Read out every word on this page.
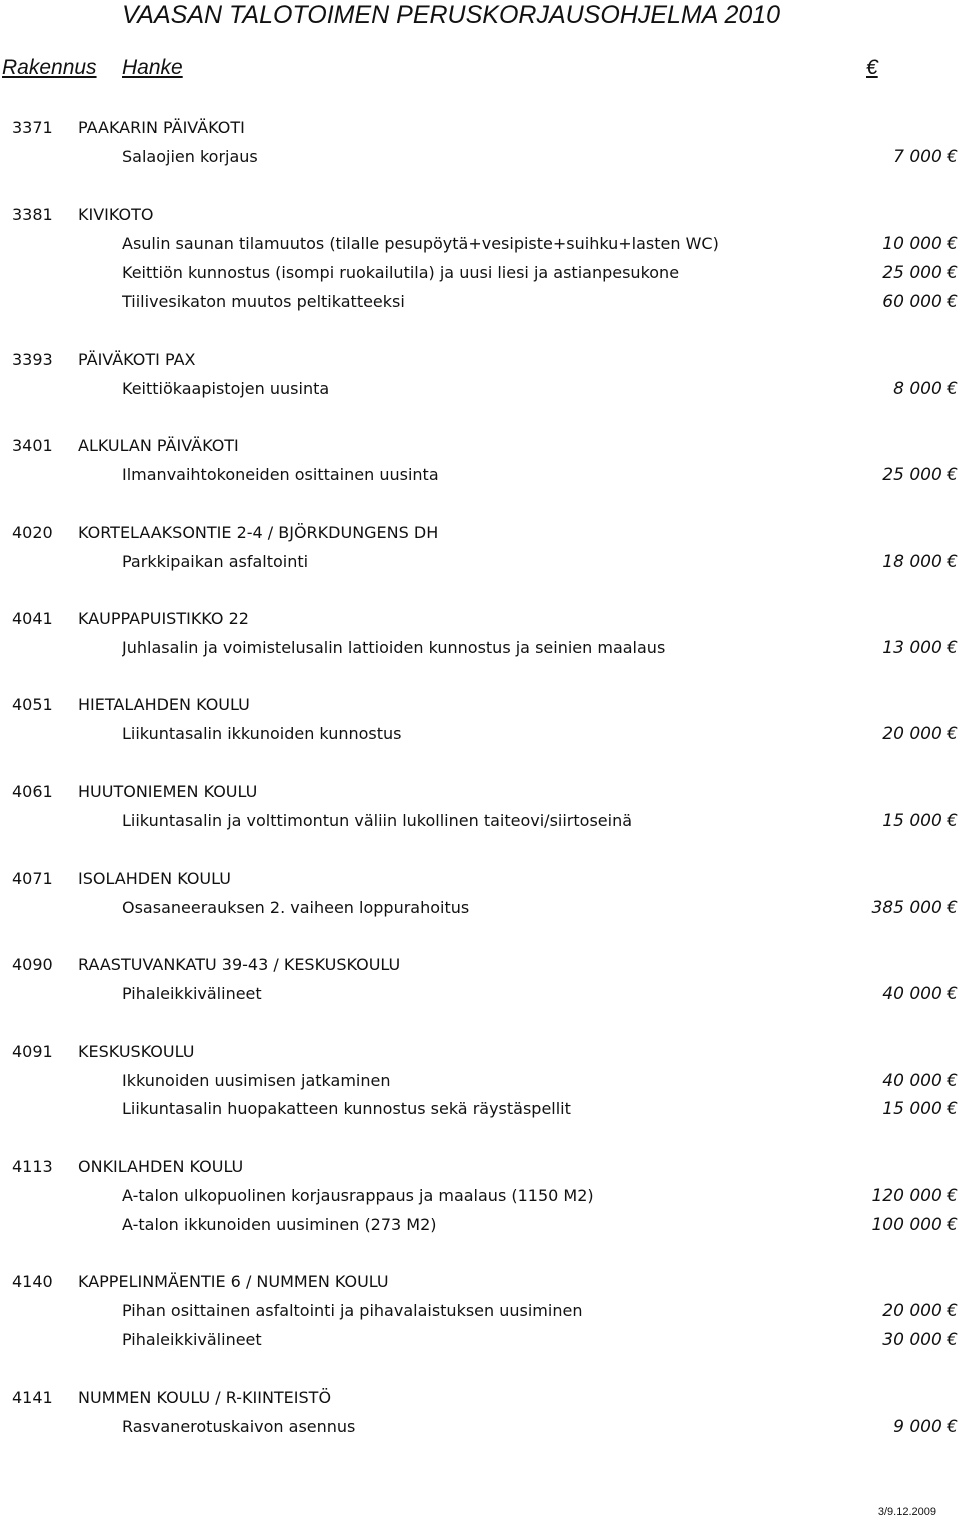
VAASAN TALOTOIMEN PERUSKORJAUSOHJELMA 2010
Rakennus Hanke	€
3371 PAAKARIN PÄIVÄKOTI
Salaojien korjaus	7 000 €
3381 KIVIKOTO
Asulin saunan tilamuutos (tilalle pesupöytä+vesipiste+suihku+lasten WC)	10 000 €
Keittiön kunnostus (isompi ruokailutila) ja uusi liesi ja astianpesukone	25 000 €
Tiilivesikaton muutos peltikatteeksi	60 000 €
3393 PÄIVÄKOTI PAX
Keittiökaapistojen uusinta	8 000 €
3401 ALKULAN PÄIVÄKOTI
Ilmanvaihtokoneiden osittainen uusinta	25 000 €
4020 KORTELAAKSONTIE 2-4 / BJÖRKDUNGENS DH
Parkkipaikan asfaltointi	18 000 €
4041 KAUPPAPUISTIKKO 22
Juhlasalin ja voimistelusalin lattioiden kunnostus ja seinien maalaus	13 000 €
4051 HIETALAHDEN KOULU
Liikuntasalin ikkunoiden kunnostus	20 000 €
4061 HUUTONIEMEN KOULU
Liikuntasalin ja volttimontun väliin lukollinen taiteovi/siirtoseinä	15 000 €
4071 ISOLAHDEN KOULU
Osasaneerauksen 2. vaiheen loppurahoitus	385 000 €
4090 RAASTUVANKATU 39-43 / KESKUSKOULU
Pihaleikkivälineet	40 000 €
4091 KESKUSKOULU
Ikkunoiden uusimisen jatkaminen	40 000 €
Liikuntasalin huopakatteen kunnostus sekä räystäspellit	15 000 €
4113 ONKILAHDEN KOULU
A-talon ulkopuolinen korjausrappaus ja maalaus (1150 M2)	120 000 €
A-talon ikkunoiden uusiminen (273 M2)	100 000 €
4140 KAPPELINMÄENTIE 6 / NUMMEN KOULU
Pihan osittainen asfaltointi ja pihavalaistuksen uusiminen	20 000 €
Pihaleikkivälineet	30 000 €
4141 NUMMEN KOULU / R-KIINTEISTÖ
Rasvanerotuskaivon asennus	9 000 €
3/9.12.2009
